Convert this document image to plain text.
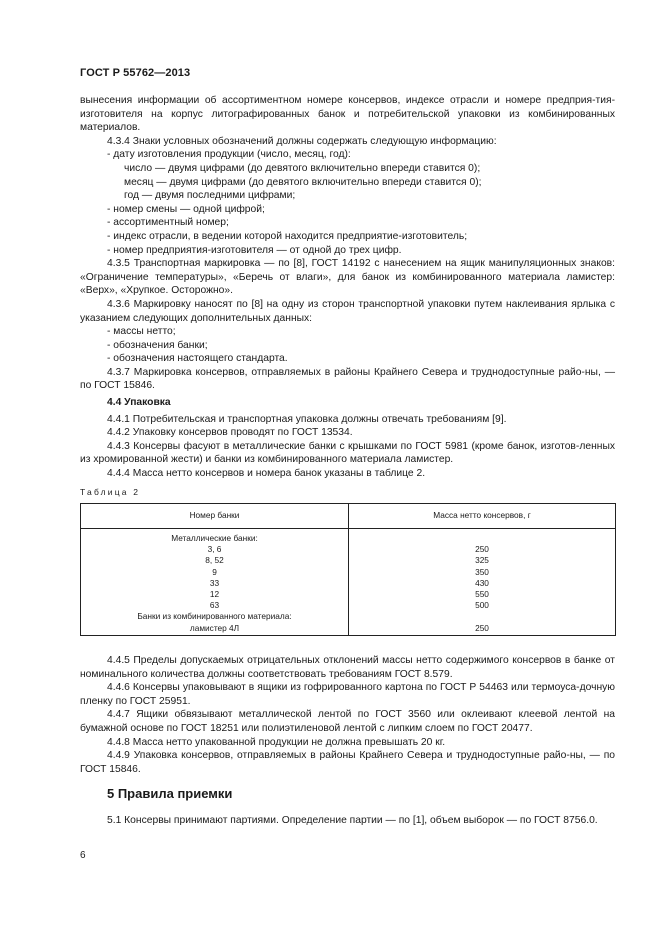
ГОСТ Р 55762—2013

вынесения информации об ассортиментном номере консервов, индексе отрасли и номере предприя-тия-изготовителя на корпус литографированных банок и потребительской упаковки из комбинированных материалов.

4.3.4 Знаки условных обозначений должны содержать следующую информацию:

- дату изготовления продукции (число, месяц, год):

число — двумя цифрами (до девятого включительно впереди ставится 0);

месяц — двумя цифрами (до девятого включительно впереди ставится 0);

год — двумя последними цифрами;

- номер смены — одной цифрой;

- ассортиментный номер;

- индекс отрасли, в ведении которой находится предприятие-изготовитель;

- номер предприятия-изготовителя — от одной до трех цифр.

4.3.5 Транспортная маркировка — по [8], ГОСТ 14192 с нанесением на ящик манипуляционных знаков: «Ограничение температуры», «Беречь от влаги», для банок из комбинированного материала ламистер: «Верх», «Хрупкое. Осторожно».

4.3.6 Маркировку наносят по [8] на одну из сторон транспортной упаковки путем наклеивания ярлыка с указанием следующих дополнительных данных:

- массы нетто;

- обозначения банки;

- обозначения настоящего стандарта.

4.3.7 Маркировка консервов, отправляемых в районы Крайнего Севера и труднодоступные райо-ны, — по ГОСТ 15846.

4.4 Упаковка

4.4.1 Потребительская и транспортная упаковка должны отвечать требованиям [9].

4.4.2 Упаковку консервов проводят по ГОСТ 13534.

4.4.3 Консервы фасуют в металлические банки с крышками по ГОСТ 5981 (кроме банок, изготов-ленных из хромированной жести) и банки из комбинированного материала ламистер.

4.4.4 Масса нетто консервов и номера банок указаны в таблице 2.

Таблица 2
Номер банки	Масса нетто консервов, г
Металлические банки:	
3, 6	250
8, 52	325
9	350
33	430
12	550
63	500
Банки из комбинированного материала:	
ламистер 4Л	250

4.4.5 Пределы допускаемых отрицательных отклонений массы нетто содержимого консервов в банке от номинального количества должны соответствовать требованиям ГОСТ 8.579.

4.4.6 Консервы упаковывают в ящики из гофрированного картона по ГОСТ Р 54463 или термоуса-дочную пленку по ГОСТ 25951.

4.4.7 Ящики обвязывают металлической лентой по ГОСТ 3560 или оклеивают клеевой лентой на бумажной основе по ГОСТ 18251 или полиэтиленовой лентой с липким слоем по ГОСТ 20477.

4.4.8 Масса нетто упакованной продукции не должна превышать 20 кг.

4.4.9 Упаковка консервов, отправляемых в районы Крайнего Севера и труднодоступные райо-ны, — по ГОСТ 15846.

5 Правила приемки

5.1 Консервы принимают партиями. Определение партии — по [1], объем выборок — по ГОСТ 8756.0.

6
